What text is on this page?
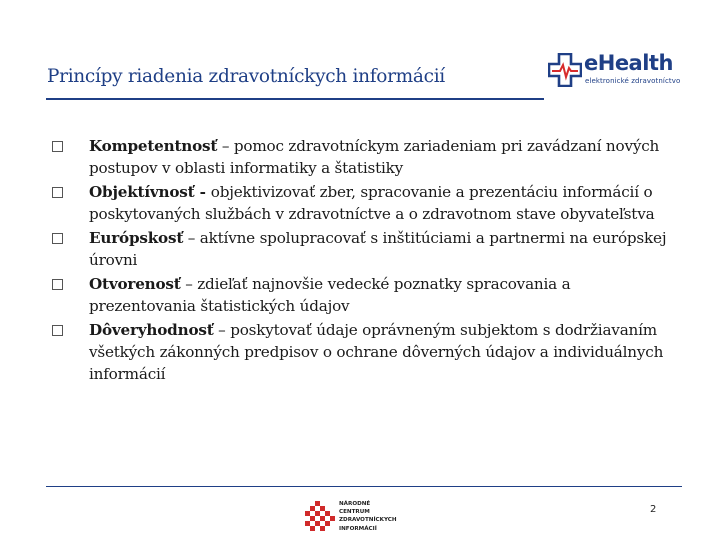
Princípy riadenia zdravotníckych informácií
eHealth
elektronické zdravotníctvo
Kompetentnosť – pomoc zdravotníckym zariadeniam pri zavádzaní nových postupov v oblasti informatiky a štatistiky
Objektívnosť - objektivizovať zber, spracovanie a prezentáciu informácií o poskytovaných službách v zdravotníctve a o zdravotnom stave obyvateľstva
Európskosť – aktívne spolupracovať s inštitúciami a partnermi na európskej úrovni
Otvorenosť – zdieľať najnovšie vedecké poznatky spracovania a prezentovania štatistických údajov
Dôveryhodnosť – poskytovať údaje oprávneným subjektom s dodržiavaním všetkých zákonných predpisov o ochrane dôverných údajov a individuálnych informácií
NÁRODNÉ
CENTRUM
ZDRAVOTNÍCKYCH
INFORMÁCIÍ
2
